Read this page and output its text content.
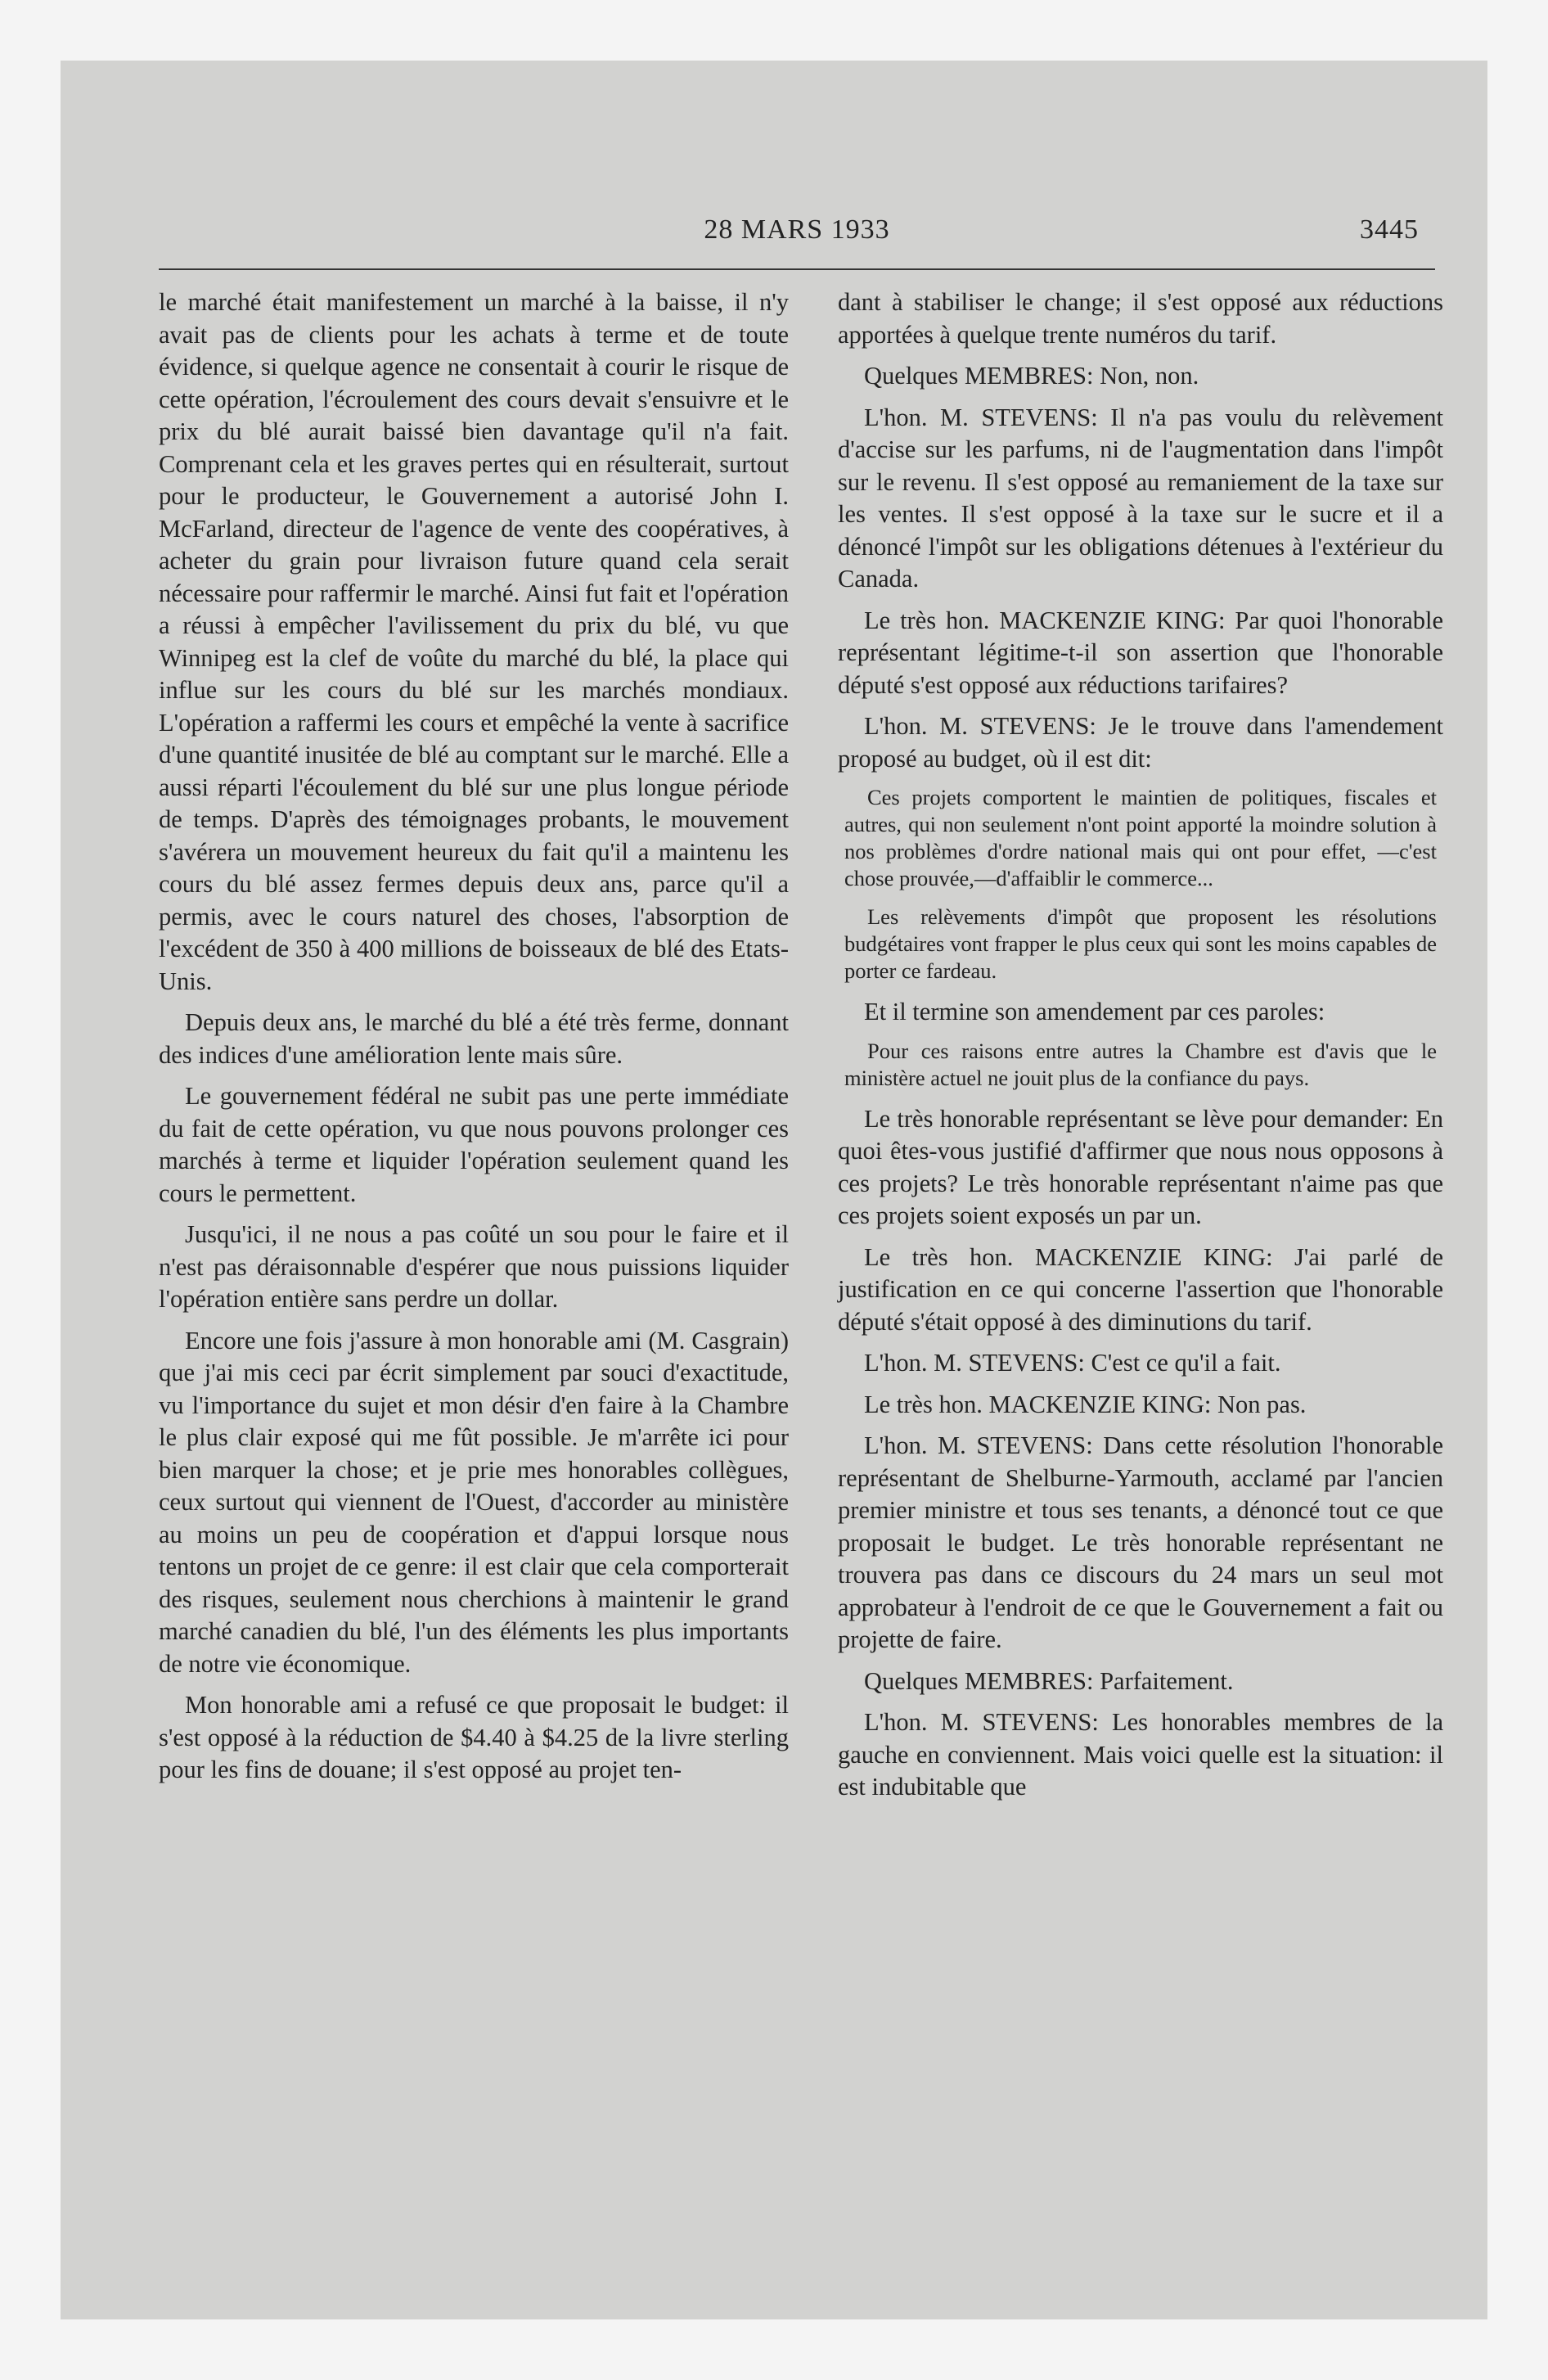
28 MARS 1933	3445

le marché était manifestement un marché à la baisse, il n'y avait pas de clients pour les achats à terme et de toute évidence, si quelque agence ne consentait à courir le risque de cette opération, l'écroulement des cours devait s'ensuivre et le prix du blé aurait baissé bien davantage qu'il n'a fait. Comprenant cela et les graves pertes qui en résulterait, surtout pour le producteur, le Gouvernement a autorisé John I. McFarland, directeur de l'agence de vente des coopératives, à acheter du grain pour livraison future quand cela serait nécessaire pour raffermir le marché. Ainsi fut fait et l'opération a réussi à empêcher l'avilissement du prix du blé, vu que Winnipeg est la clef de voûte du marché du blé, la place qui influe sur les cours du blé sur les marchés mondiaux. L'opération a raffermi les cours et empêché la vente à sacrifice d'une quantité inusitée de blé au comptant sur le marché. Elle a aussi réparti l'écoulement du blé sur une plus longue période de temps. D'après des témoignages probants, le mouvement s'avérera un mouvement heureux du fait qu'il a maintenu les cours du blé assez fermes depuis deux ans, parce qu'il a permis, avec le cours naturel des choses, l'absorption de l'excédent de 350 à 400 millions de boisseaux de blé des Etats-Unis.

Depuis deux ans, le marché du blé a été très ferme, donnant des indices d'une amélioration lente mais sûre.

Le gouvernement fédéral ne subit pas une perte immédiate du fait de cette opération, vu que nous pouvons prolonger ces marchés à terme et liquider l'opération seulement quand les cours le permettent.

Jusqu'ici, il ne nous a pas coûté un sou pour le faire et il n'est pas déraisonnable d'espérer que nous puissions liquider l'opération entière sans perdre un dollar.

Encore une fois j'assure à mon honorable ami (M. Casgrain) que j'ai mis ceci par écrit simplement par souci d'exactitude, vu l'importance du sujet et mon désir d'en faire à la Chambre le plus clair exposé qui me fût possible. Je m'arrête ici pour bien marquer la chose; et je prie mes honorables collègues, ceux surtout qui viennent de l'Ouest, d'accorder au ministère au moins un peu de coopération et d'appui lorsque nous tentons un projet de ce genre: il est clair que cela comporterait des risques, seulement nous cherchions à maintenir le grand marché canadien du blé, l'un des éléments les plus importants de notre vie économique.

Mon honorable ami a refusé ce que proposait le budget: il s'est opposé à la réduction de $4.40 à $4.25 de la livre sterling pour les fins de douane; il s'est opposé au projet ten-

dant à stabiliser le change; il s'est opposé aux réductions apportées à quelque trente numéros du tarif.

Quelques MEMBRES: Non, non.

L'hon. M. STEVENS: Il n'a pas voulu du relèvement d'accise sur les parfums, ni de l'augmentation dans l'impôt sur le revenu. Il s'est opposé au remaniement de la taxe sur les ventes. Il s'est opposé à la taxe sur le sucre et il a dénoncé l'impôt sur les obligations détenues à l'extérieur du Canada.

Le très hon. MACKENZIE KING: Par quoi l'honorable représentant légitime-t-il son assertion que l'honorable député s'est opposé aux réductions tarifaires?

L'hon. M. STEVENS: Je le trouve dans l'amendement proposé au budget, où il est dit:

Ces projets comportent le maintien de politiques, fiscales et autres, qui non seulement n'ont point apporté la moindre solution à nos problèmes d'ordre national mais qui ont pour effet, —c'est chose prouvée,—d'affaiblir le commerce...

Les relèvements d'impôt que proposent les résolutions budgétaires vont frapper le plus ceux qui sont les moins capables de porter ce fardeau.

Et il termine son amendement par ces paroles:

Pour ces raisons entre autres la Chambre est d'avis que le ministère actuel ne jouit plus de la confiance du pays.

Le très honorable représentant se lève pour demander: En quoi êtes-vous justifié d'affirmer que nous nous opposons à ces projets? Le très honorable représentant n'aime pas que ces projets soient exposés un par un.

Le très hon. MACKENZIE KING: J'ai parlé de justification en ce qui concerne l'assertion que l'honorable député s'était opposé à des diminutions du tarif.

L'hon. M. STEVENS: C'est ce qu'il a fait.

Le très hon. MACKENZIE KING: Non pas.

L'hon. M. STEVENS: Dans cette résolution l'honorable représentant de Shelburne-Yarmouth, acclamé par l'ancien premier ministre et tous ses tenants, a dénoncé tout ce que proposait le budget. Le très honorable représentant ne trouvera pas dans ce discours du 24 mars un seul mot approbateur à l'endroit de ce que le Gouvernement a fait ou projette de faire.

Quelques MEMBRES: Parfaitement.

L'hon. M. STEVENS: Les honorables membres de la gauche en conviennent. Mais voici quelle est la situation: il est indubitable que
